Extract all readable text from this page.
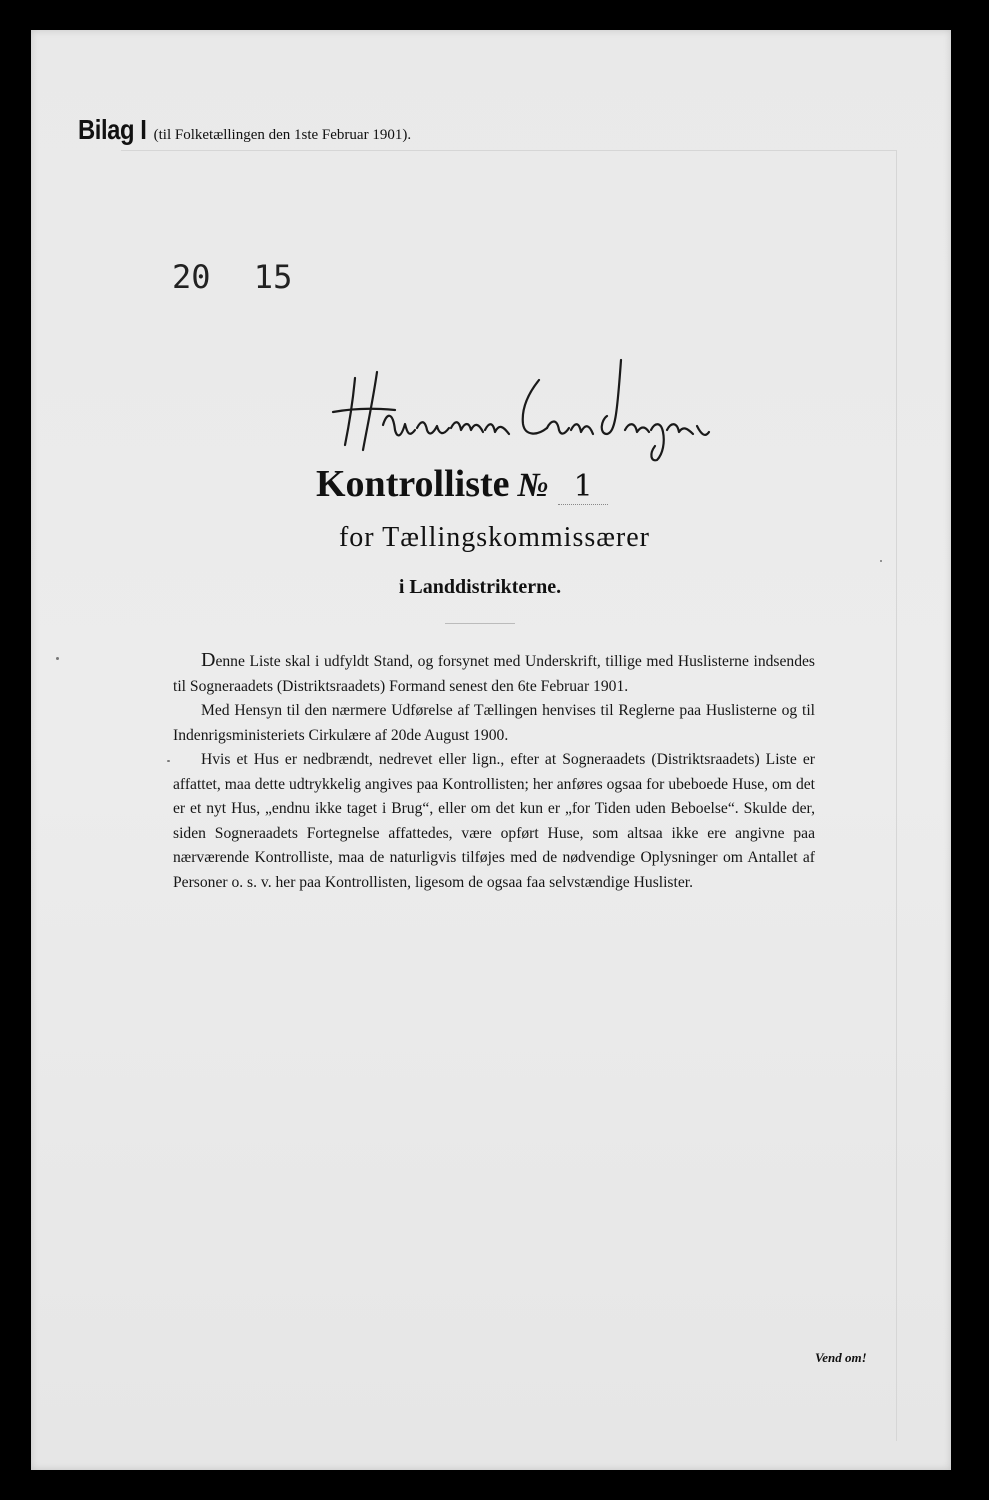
Bilag I (til Folketællingen den 1ste Februar 1901).
20 15
Kontrolliste № 1
for Tællingskommissærer
i Landdistrikterne.

Denne Liste skal i udfyldt Stand, og forsynet med Underskrift, tillige med Huslisterne indsendes til Sogneraadets (Distriktsraadets) Formand senest den 6te Februar 1901.

Med Hensyn til den nærmere Udførelse af Tællingen henvises til Reglerne paa Huslisterne og til Indenrigsministeriets Cirkulære af 20de August 1900.

Hvis et Hus er nedbrændt, nedrevet eller lign., efter at Sogneraadets (Distriktsraadets) Liste er affattet, maa dette udtrykkelig angives paa Kontrollisten; her anføres ogsaa for ubeboede Huse, om det er et nyt Hus, „endnu ikke taget i Brug“, eller om det kun er „for Tiden uden Beboelse“. Skulde der, siden Sogneraadets Fortegnelse affattedes, være opført Huse, som altsaa ikke ere angivne paa nærværende Kontrolliste, maa de naturligvis tilføjes med de nødvendige Oplysninger om Antallet af Personer o. s. v. her paa Kontrollisten, ligesom de ogsaa faa selvstændige Huslister.

Vend om!
